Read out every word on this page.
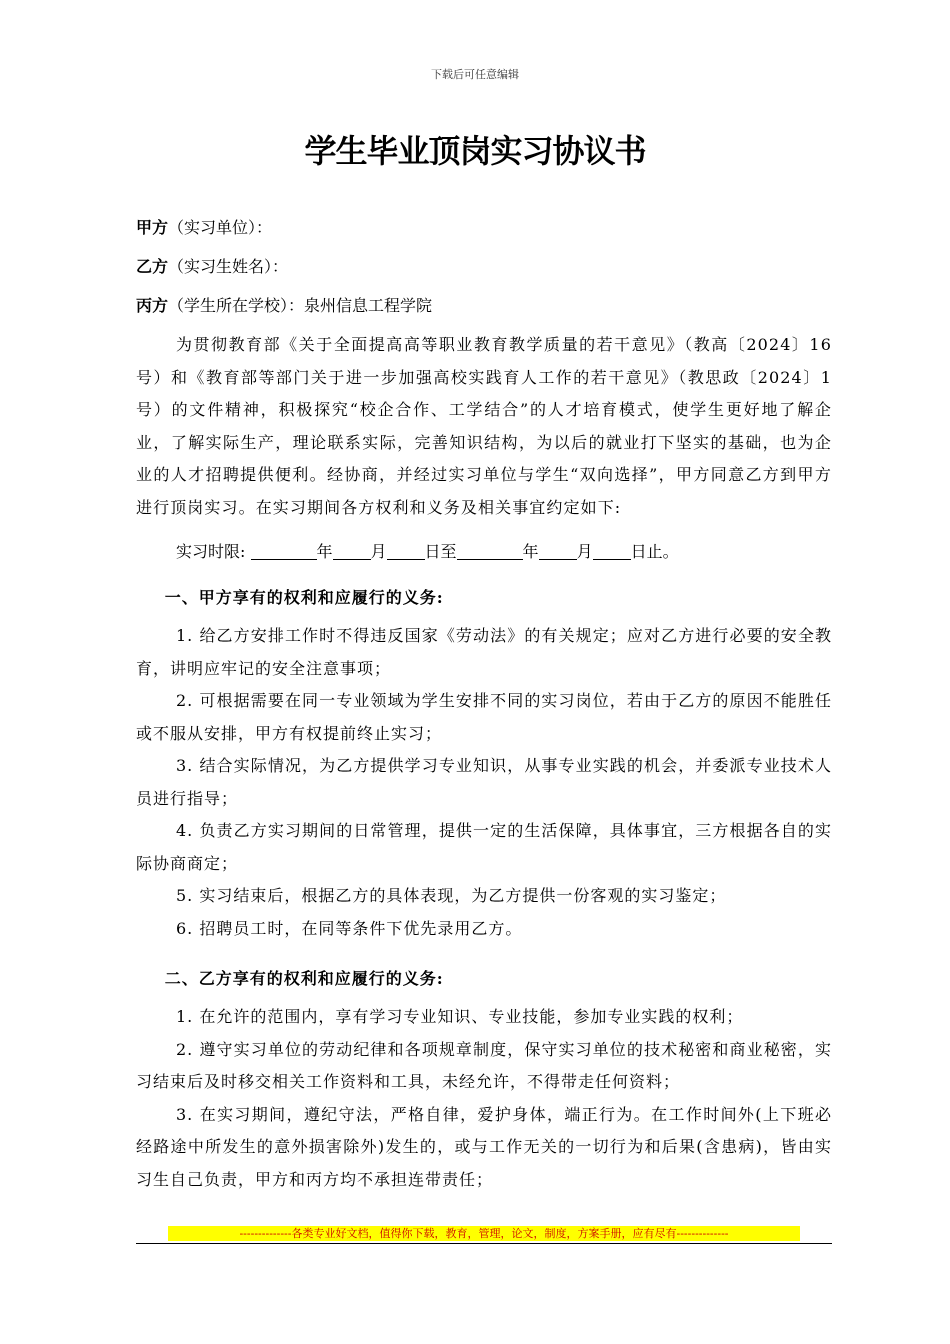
下载后可任意编辑
学生毕业顶岗实习协议书
甲方（实习单位）：
乙方（实习生姓名）：
丙方（学生所在学校）：泉州信息工程学院

为贯彻教育部《关于全面提高高等职业教育教学质量的若干意见》（教高〔2024〕16号）和《教育部等部门关于进一步加强高校实践育人工作的若干意见》（教思政〔2024〕1号）的文件精神，积极探究“校企合作、工学结合”的人才培育模式，使学生更好地了解企业，了解实际生产，理论联系实际，完善知识结构，为以后的就业打下坚实的基础，也为企业的人才招聘提供便利。经协商，并经过实习单位与学生“双向选择”，甲方同意乙方到甲方进行顶岗实习。在实习期间各方权利和义务及相关事宜约定如下:

实习时限:	年 月 日至	年 月 日止。

一、甲方享有的权利和应履行的义务:

1. 给乙方安排工作时不得违反国家《劳动法》的有关规定；应对乙方进行必要的安全教育，讲明应牢记的安全注意事项；

2. 可根据需要在同一专业领域为学生安排不同的实习岗位，若由于乙方的原因不能胜任或不服从安排，甲方有权提前终止实习；

3. 结合实际情况，为乙方提供学习专业知识，从事专业实践的机会，并委派专业技术人员进行指导；

4. 负责乙方实习期间的日常管理，提供一定的生活保障，具体事宜，三方根据各自的实际协商商定；

5. 实习结束后，根据乙方的具体表现，为乙方提供一份客观的实习鉴定；

6. 招聘员工时，在同等条件下优先录用乙方。

二、乙方享有的权利和应履行的义务:

1. 在允许的范围内，享有学习专业知识、专业技能，参加专业实践的权利；

2. 遵守实习单位的劳动纪律和各项规章制度，保守实习单位的技术秘密和商业秘密，实习结束后及时移交相关工作资料和工具，未经允许，不得带走任何资料；

3. 在实习期间，遵纪守法，严格自律，爱护身体，端正行为。在工作时间外(上下班必经路途中所发生的意外损害除外)发生的，或与工作无关的一切行为和后果(含患病)，皆由实习生自己负责，甲方和丙方均不承担连带责任；

--------------各类专业好文档，值得你下载，教育，管理，论文，制度，方案手册，应有尽有--------------
